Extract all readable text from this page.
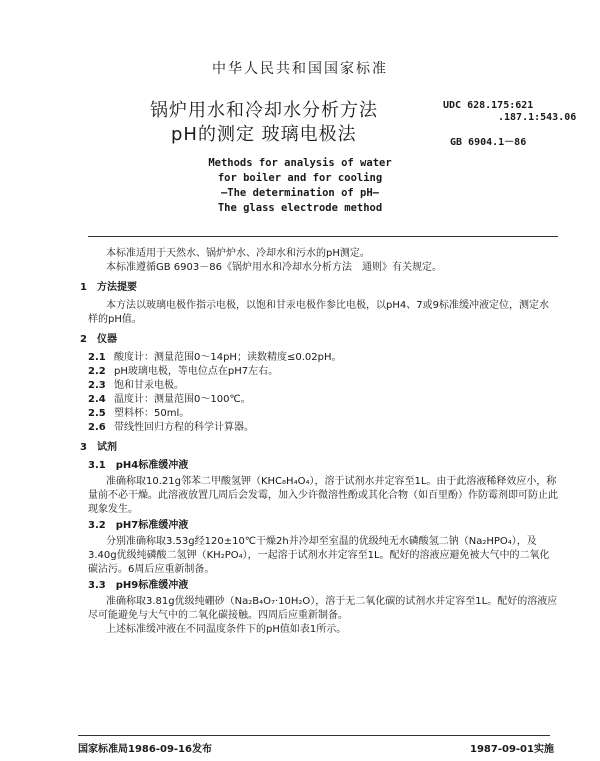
中华人民共和国国家标准
锅炉用水和冷却水分析方法
pH的测定 玻璃电极法
UDC 628.175:621
.187.1:543.06
GB 6904.1－86
Methods for analysis of water
for boiler and for cooling
—The determination of pH—
The glass electrode method

本标准适用于天然水、锅炉炉水、冷却水和污水的pH测定。

本标准遵循GB 6903－86《锅炉用水和冷却水分析方法　通则》有关规定。

1　方法提要

本方法以玻璃电极作指示电极，以饱和甘汞电极作参比电极，以pH4、7或9标准缓冲液定位，测定水样的pH值。

2　仪器
2.1 酸度计：测量范围0～14pH；读数精度≤0.02pH。
2.2 pH玻璃电极，等电位点在pH7左右。
2.3 饱和甘汞电极。
2.4 温度计：测量范围0～100℃。
2.5 塑料杯：50ml。
2.6 带线性回归方程的科学计算器。
3　试剂
3.1　pH4标准缓冲液

准确称取10.21g邻苯二甲酸氢钾（KHC₈H₄O₄），溶于试剂水并定容至1L。由于此溶液稀释效应小，称量前不必干燥。此溶液放置几周后会发霉，加入少许微溶性酚或其化合物（如百里酚）作防霉剂即可防止此现象发生。

3.2　pH7标准缓冲液

分别准确称取3.53g经120±10℃干燥2h并冷却至室温的优级纯无水磷酸氢二钠（Na₂HPO₄），及3.40g优级纯磷酸二氢钾（KH₂PO₄），一起溶于试剂水并定容至1L。配好的溶液应避免被大气中的二氧化碳沾污。6周后应重新制备。

3.3　pH9标准缓冲液

准确称取3.81g优级纯硼砂（Na₂B₄O₇·10H₂O），溶于无二氧化碳的试剂水并定容至1L。配好的溶液应尽可能避免与大气中的二氧化碳接触。四周后应重新制备。

上述标准缓冲液在不同温度条件下的pH值如表1所示。

国家标准局1986-09-16发布	1987-09-01实施
